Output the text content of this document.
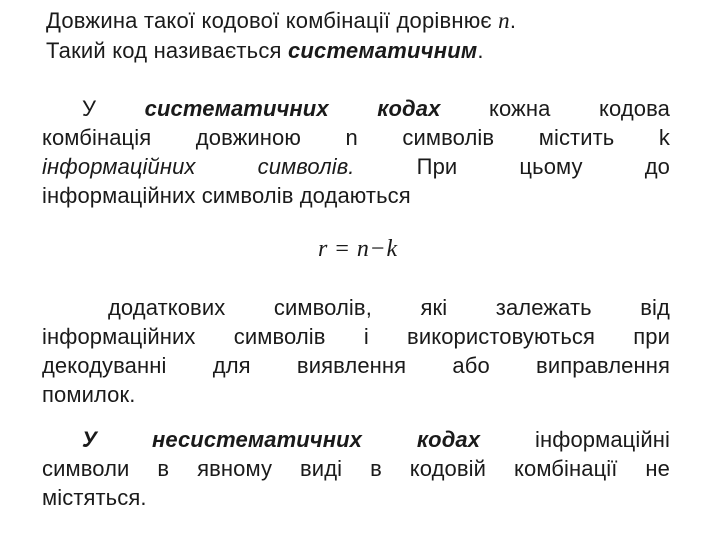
Довжина такої кодової комбінації дорівнює n.
Такий код називається систематичним.
У систематичних кодах кожна кодова
комбінація довжиною n символів містить k
інформаційних символів. При цьому до
інформаційних символів додаються
r = n−k
додаткових символів, які залежать від
інформаційних символів і використовуються при
декодуванні для виявлення або виправлення
помилок.
У несистематичних кодах інформаційні
символи в явному виді в кодовій комбінації не
містяться.
